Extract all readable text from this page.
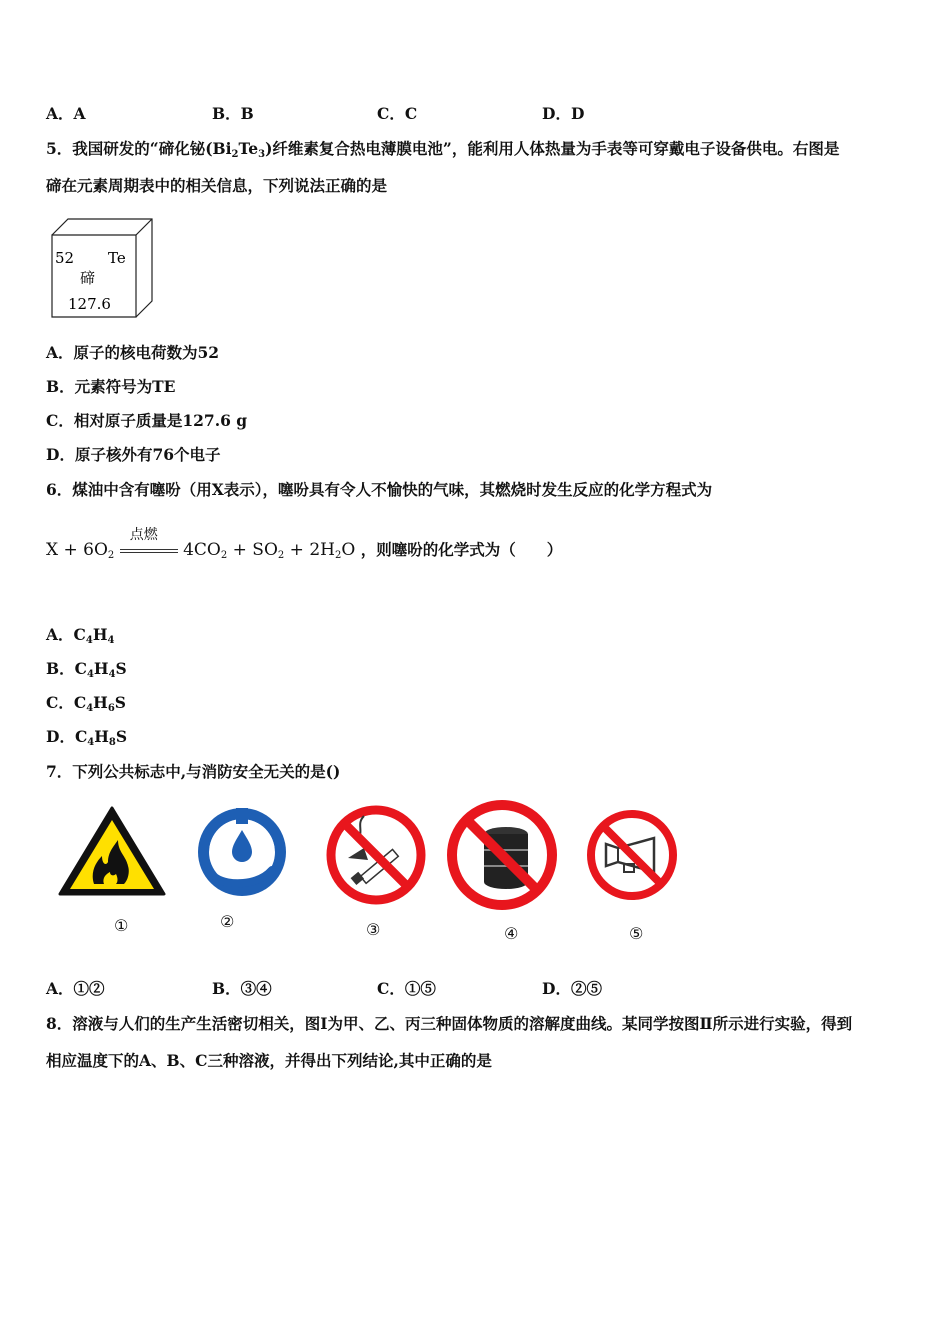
A．A	B．B	C．C	D．D
5．我国研发的“碲化铋$(Bi_2Te_3)$纤维素复合热电薄膜电池”，能利用人体热量为手表等可穿戴电子设备供电。右图是
碲在元素周期表中的相关信息，下列说法正确的是
52 Te
碲
127.6
A．原子的核电荷数为52
B．元素符号为TE
C．相对原子质量是127.6 g
D．原子核外有76个电子
6．煤油中含有噻吩（用X表示），噻吩具有令人不愉快的气味，其燃烧时发生反应的化学方程式为
$X + 6O_2$
点燃
$4CO_2 + SO_2 + 2H_2O$ ，则噻吩的化学式为（　　）
A．$C_4H_4$
B．$C_4H_4S$
C．$C_4H_6S$
D．$C_4H_8S$
7．下列公共标志中,与消防安全无关的是()
①	②	③	④	⑤
A．①②	B．③④	C．①⑤	D．②⑤
8．溶液与人们的生产生活密切相关，图I为甲、乙、丙三种固体物质的溶解度曲线。某同学按图Ⅱ所示进行实验，得到
相应温度下的A、B、C三种溶液，并得出下列结论,其中正确的是
